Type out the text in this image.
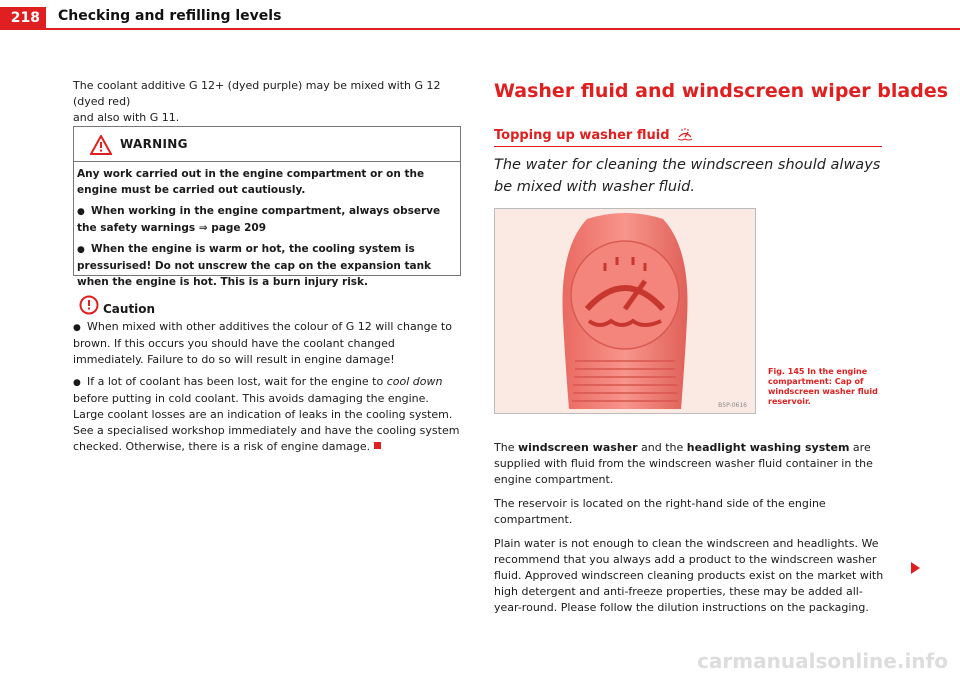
218	Checking and refilling levels

The coolant additive G 12+ (dyed purple) may be mixed with G 12 (dyed red)
and also with G 11.

WARNING

Any work carried out in the engine compartment or on the engine must be carried out cautiously.

● When working in the engine compartment, always observe the safety warnings ⇒ page 209

● When the engine is warm or hot, the cooling system is pressurised! Do not unscrew the cap on the expansion tank when the engine is hot. This is a burn injury risk.

Caution

● When mixed with other additives the colour of G 12 will change to brown. If this occurs you should have the coolant changed immediately. Failure to do so will result in engine damage!

● If a lot of coolant has been lost, wait for the engine to cool down before putting in cold coolant. This avoids damaging the engine. Large coolant losses are an indication of leaks in the cooling system. See a specialised workshop immediately and have the cooling system checked. Otherwise, there is a risk of engine damage.

Washer fluid and windscreen wiper blades
Topping up washer fluid
The water for cleaning the windscreen should always be mixed with washer fluid.
B5P-0616
Fig. 145 In the engine compartment: Cap of windscreen washer fluid reservoir.

The windscreen washer and the headlight washing system are supplied with fluid from the windscreen washer fluid container in the engine compartment.

The reservoir is located on the right-hand side of the engine compartment.

Plain water is not enough to clean the windscreen and headlights. We recommend that you always add a product to the windscreen washer fluid. Approved windscreen cleaning products exist on the market with high detergent and anti-freeze properties, these may be added all-year-round. Please follow the dilution instructions on the packaging.

carmanualsonline.info
